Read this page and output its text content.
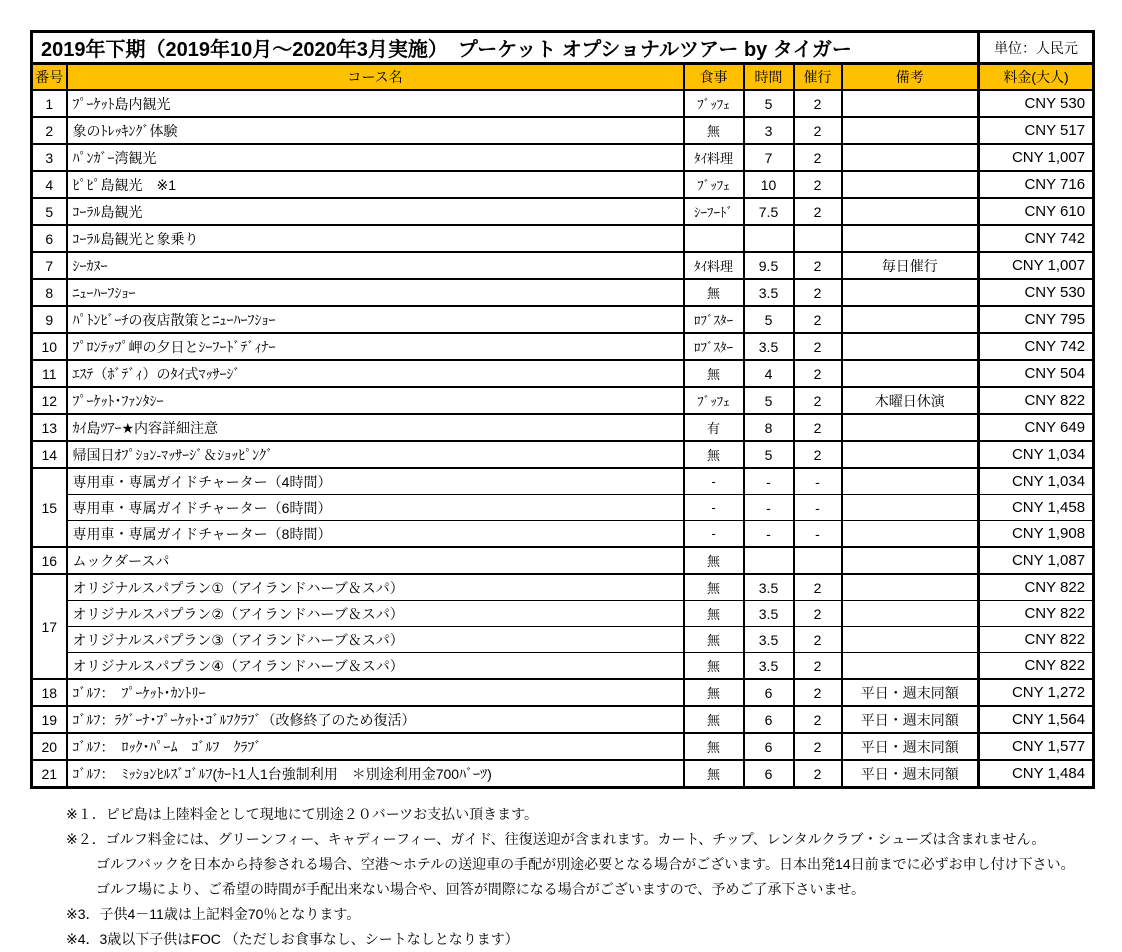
2019年下期（2019年10月～2020年3月実施）　プーケット オプショナルツアー by タイガー						単位：人民元
番号	コース名	食事	時間	催行	備考	料金(大人)
1	ﾌﾟｰｹｯﾄ島内観光	ﾌﾞｯﾌｪ	5	2		CNY 530
2	象のﾄﾚｯｷﾝｸﾞ体験	無	3	2		CNY 517
3	ﾊﾟﾝｶﾞｰ湾観光	ﾀｲ料理	7	2		CNY 1,007
4	ﾋﾟﾋﾟ島観光　※1	ﾌﾞｯﾌｪ	10	2		CNY 716
5	ｺｰﾗﾙ島観光	ｼｰﾌｰﾄﾞ	7.5	2		CNY 610
6	ｺｰﾗﾙ島観光と象乗り					CNY 742
7	ｼｰｶﾇｰ	ﾀｲ料理	9.5	2	毎日催行	CNY 1,007
8	ﾆｭｰﾊｰﾌｼｮｰ	無	3.5	2		CNY 530
9	ﾊﾟﾄﾝﾋﾞｰﾁの夜店散策とﾆｭｰﾊｰﾌｼｮｰ	ﾛﾌﾞｽﾀｰ	5	2		CNY 795
10	ﾌﾟﾛﾝﾃｯﾌﾟ岬の夕日とｼｰﾌｰﾄﾞﾃﾞｨﾅｰ	ﾛﾌﾞｽﾀｰ	3.5	2		CNY 742
11	ｴｽﾃ（ﾎﾞﾃﾞｨ）のﾀｲ式ﾏｯｻｰｼﾞ	無	4	2		CNY 504
12	ﾌﾟｰｹｯﾄ･ﾌｧﾝﾀｼｰ	ﾌﾞｯﾌｪ	5	2	木曜日休演	CNY 822
13	ｶｲ島ﾂｱｰ★内容詳細注意	有	8	2		CNY 649
14	帰国日ｵﾌﾟｼｮﾝ-ﾏｯｻｰｼﾞ＆ｼｮｯﾋﾟﾝｸﾞ	無	5	2		CNY 1,034
15	専用車・専属ガイドチャーター（4時間）	-	-	-		CNY 1,034
	専用車・専属ガイドチャーター（6時間）	-	-	-		CNY 1,458
	専用車・専属ガイドチャーター（8時間）	-	-	-		CNY 1,908
16	ムックダースパ	無				CNY 1,087
17	オリジナルスパプラン①（アイランドハーブ＆スパ）	無	3.5	2		CNY 822
	オリジナルスパプラン②（アイランドハーブ＆スパ）	無	3.5	2		CNY 822
	オリジナルスパプラン③（アイランドハーブ＆スパ）	無	3.5	2		CNY 822
	オリジナルスパプラン④（アイランドハーブ＆スパ）	無	3.5	2		CNY 822
18	ｺﾞﾙﾌ：　ﾌﾟｰｹｯﾄ･ｶﾝﾄﾘｰ	無	6	2	平日・週末同額	CNY 1,272
19	ｺﾞﾙﾌ：ﾗｸﾞｰﾅ･ﾌﾟｰｹｯﾄ･ｺﾞﾙﾌｸﾗﾌﾞ（改修終了のため復活）	無	6	2	平日・週末同額	CNY 1,564
20	ｺﾞﾙﾌ：　ﾛｯｸ･ﾊﾟｰﾑ　ｺﾞﾙﾌ　ｸﾗﾌﾞ	無	6	2	平日・週末同額	CNY 1,577
21	ｺﾞﾙﾌ：　ﾐｯｼｮﾝﾋﾙｽﾞｺﾞﾙﾌ(ｶｰﾄ1人1台強制利用　＊別途利用金700ﾊﾞｰﾂ)	無	6	2	平日・週末同額	CNY 1,484
※１．ピピ島は上陸料金として現地にて別途２０バーツお支払い頂きます。
※２．ゴルフ料金には、グリーンフィー、キャディーフィー、ガイド、往復送迎が含まれます。カート、チップ、レンタルクラブ・シューズは含まれません。
ゴルフバックを日本から持参される場合、空港～ホテルの送迎車の手配が別途必要となる場合がございます。日本出発14日前までに必ずお申し付け下さい。
ゴルフ場により、ご希望の時間が手配出来ない場合や、回答が間際になる場合がございますので、予めご了承下さいませ。
※3．子供4－11歳は上記料金70％となります。
※4．3歳以下子供はFOC （ただしお食事なし、シートなしとなります）
